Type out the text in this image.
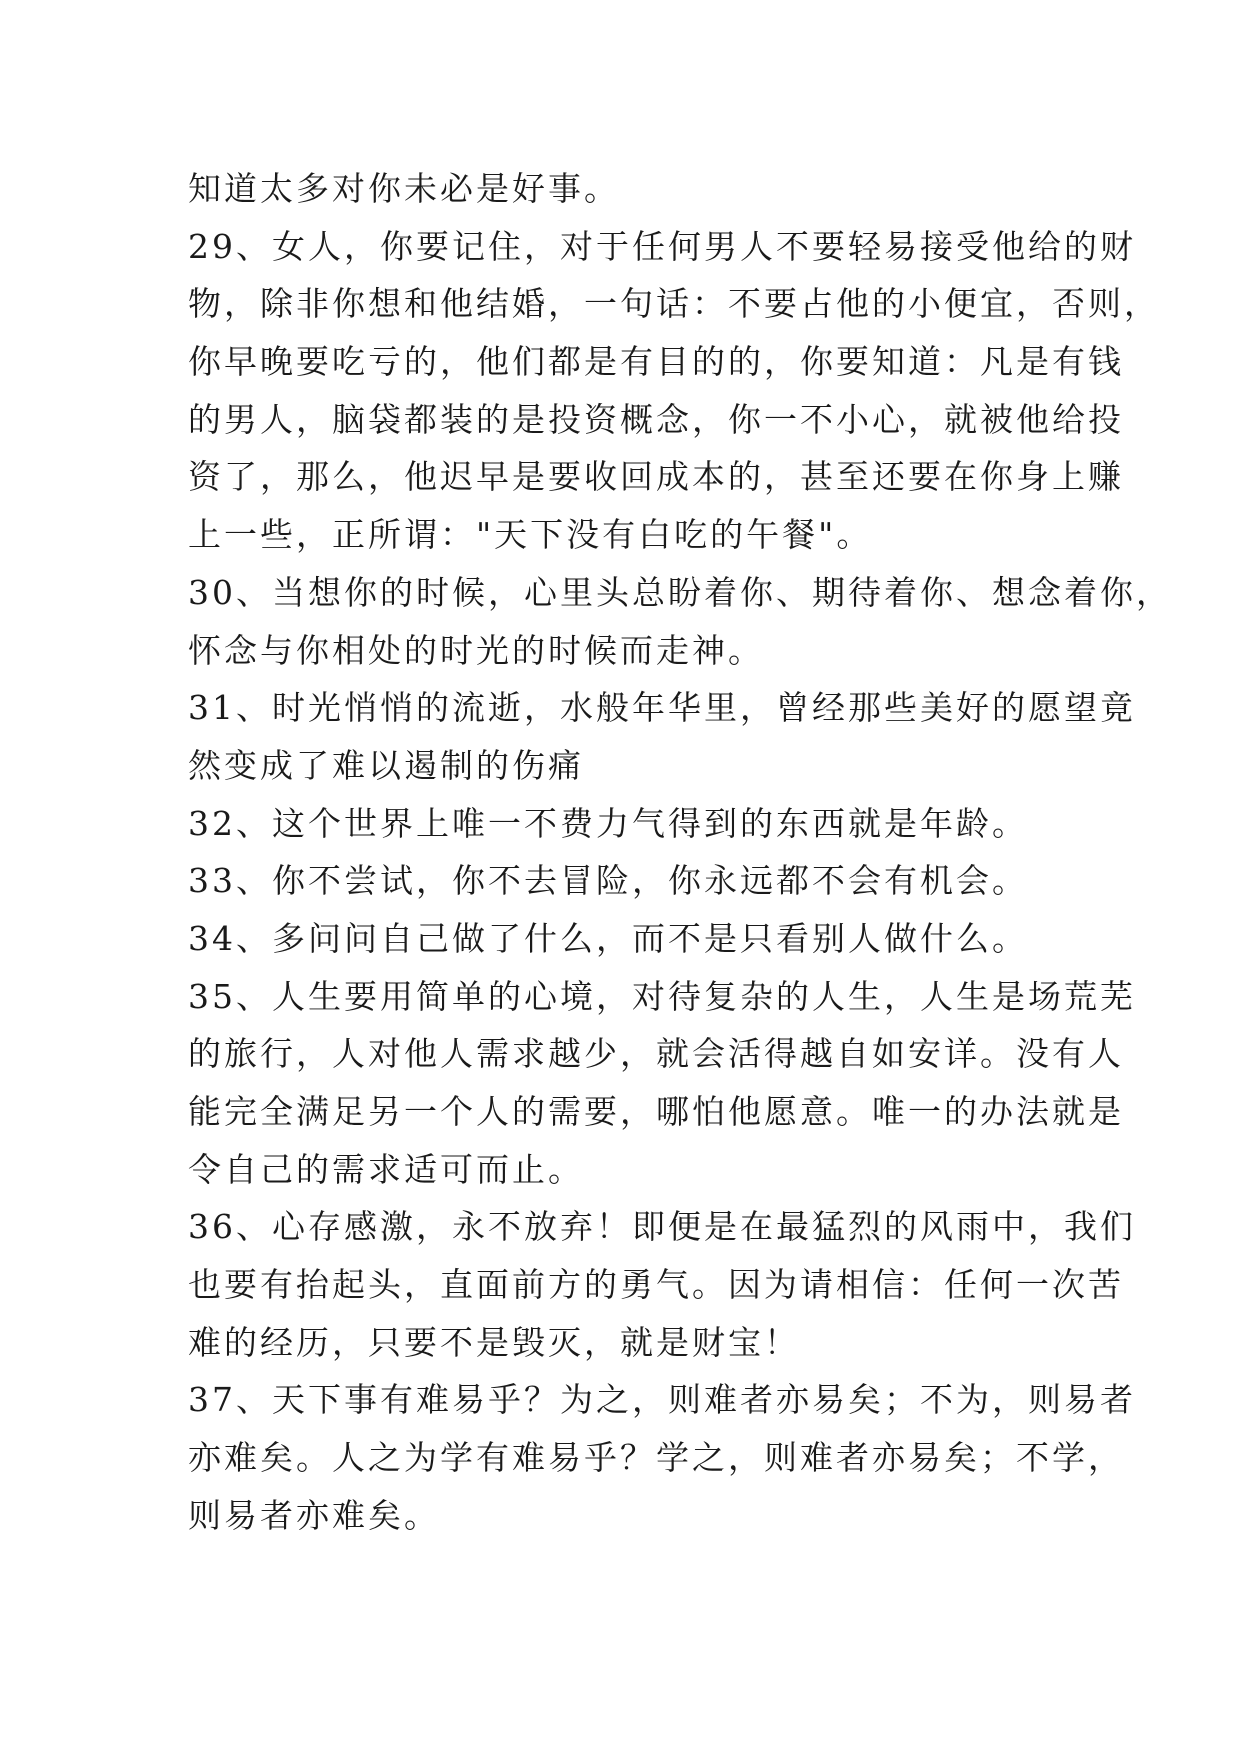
知道太多对你未必是好事。
29、女人，你要记住，对于任何男人不要轻易接受他给的财
物，除非你想和他结婚，一句话：不要占他的小便宜，否则，
你早晚要吃亏的，他们都是有目的的，你要知道：凡是有钱
的男人，脑袋都装的是投资概念，你一不小心，就被他给投
资了，那么，他迟早是要收回成本的，甚至还要在你身上赚
上一些，正所谓："天下没有白吃的午餐"。
30、当想你的时候，心里头总盼着你、期待着你、想念着你，
怀念与你相处的时光的时候而走神。
31、时光悄悄的流逝，水般年华里，曾经那些美好的愿望竟
然变成了难以遏制的伤痛
32、这个世界上唯一不费力气得到的东西就是年龄。
33、你不尝试，你不去冒险，你永远都不会有机会。
34、多问问自己做了什么，而不是只看别人做什么。
35、人生要用简单的心境，对待复杂的人生，人生是场荒芜
的旅行，人对他人需求越少，就会活得越自如安详。没有人
能完全满足另一个人的需要，哪怕他愿意。唯一的办法就是
令自己的需求适可而止。
36、心存感激，永不放弃！即便是在最猛烈的风雨中，我们
也要有抬起头，直面前方的勇气。因为请相信：任何一次苦
难的经历，只要不是毁灭，就是财宝！
37、天下事有难易乎？为之，则难者亦易矣；不为，则易者
亦难矣。人之为学有难易乎？学之，则难者亦易矣；不学，
则易者亦难矣。
